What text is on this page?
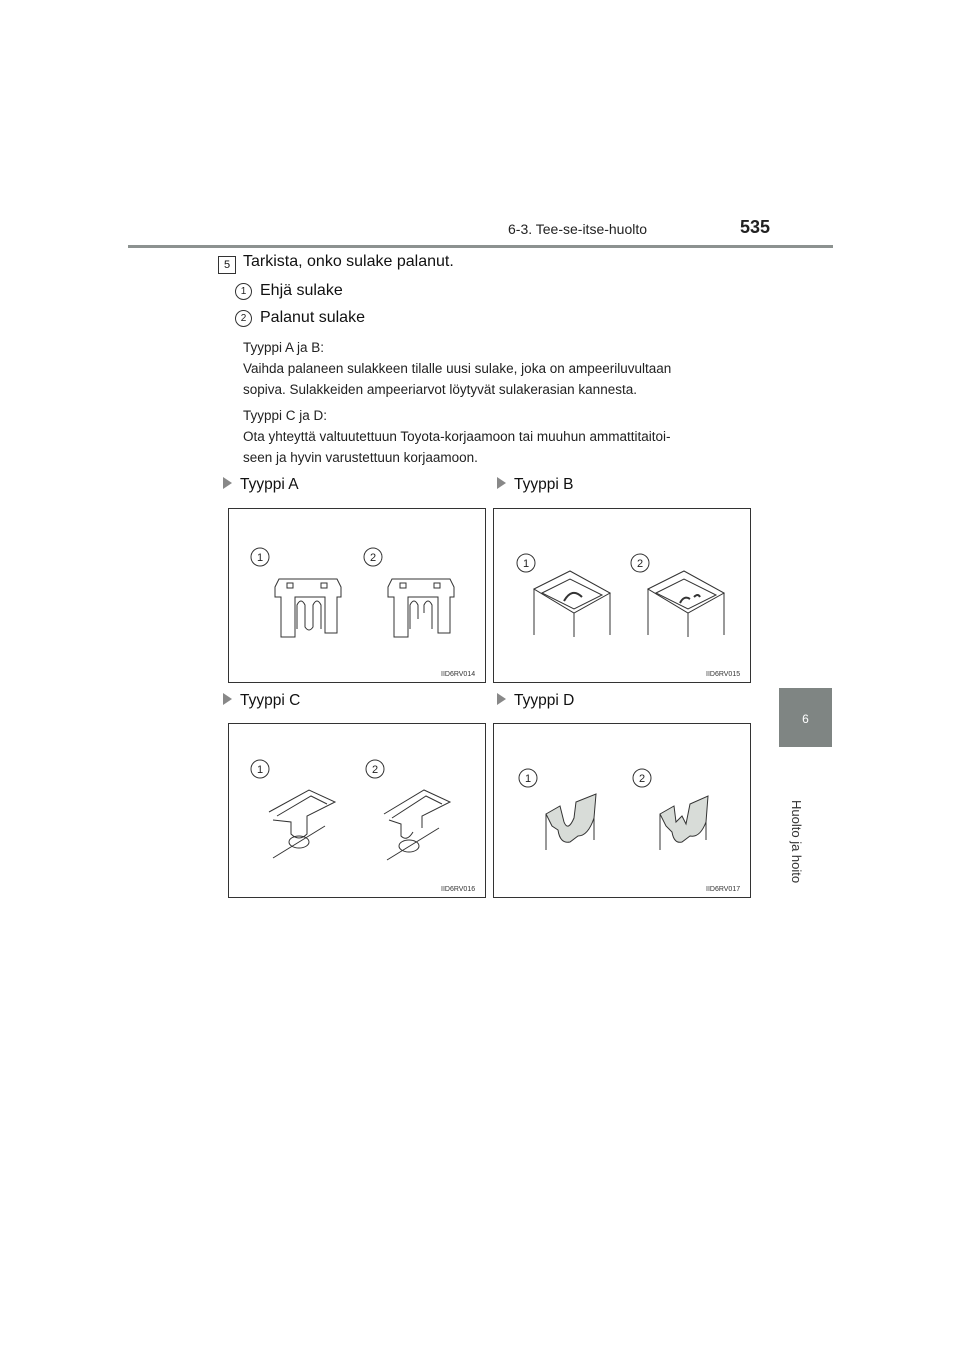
6-3. Tee-se-itse-huolto	535
6
Huolto ja hoito
5 Tarkista, onko sulake palanut.
1 Ehjä sulake
2 Palanut sulake
Tyyppi A ja B:
Vaihda palaneen sulakkeen tilalle uusi sulake, joka on ampeeriluvultaan
sopiva. Sulakkeiden ampeeriarvot löytyvät sulakerasian kannesta.
Tyyppi C ja D:
Ota yhteyttä valtuutettuun Toyota-korjaamoon tai muuhun ammattitaitoi-
seen ja hyvin varustettuun korjaamoon.
Tyyppi A	Tyyppi B
Tyyppi C	Tyyppi D
1	2
IID6RV014
1	2
IID6RV015
1	2
IID6RV016
1	2
IID6RV017
